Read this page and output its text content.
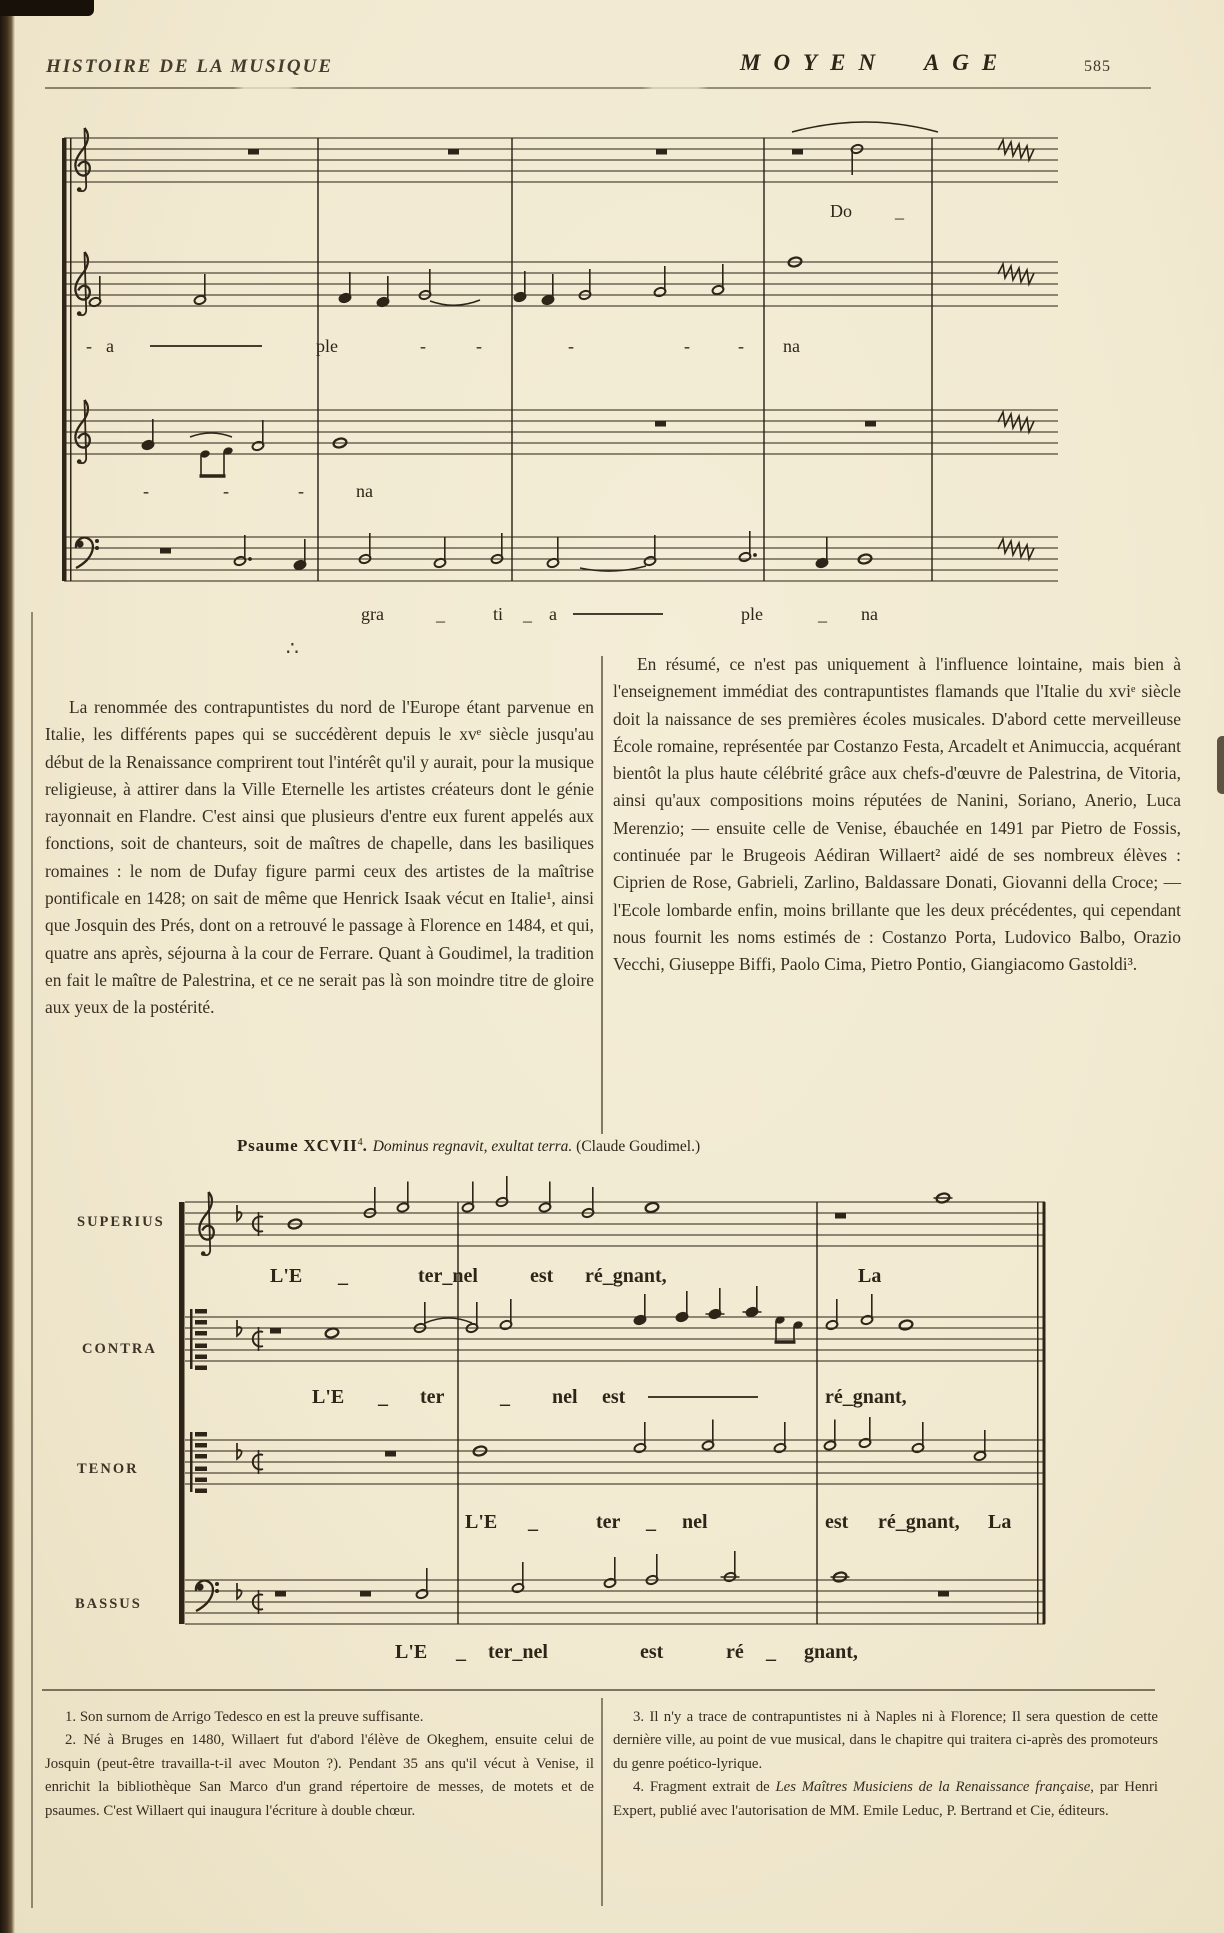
HISTOIRE DE LA MUSIQUE	MOYEN AGE	585
Do _
- a	ple	-	-	-	-	- na
-	-	-	na
gra	_	ti _ a	ple	_ na
∴

La renommée des contrapuntistes du nord de l'Europe étant parvenue en Italie, les différents papes qui se succédèrent depuis le xvᵉ siècle jusqu'au début de la Renaissance comprirent tout l'intérêt qu'il y aurait, pour la musique religieuse, à attirer dans la Ville Eternelle les artistes créateurs dont le génie rayonnait en Flandre. C'est ainsi que plusieurs d'entre eux furent appelés aux fonctions, soit de chanteurs, soit de maîtres de chapelle, dans les basiliques romaines : le nom de Dufay figure parmi ceux des artistes de la maîtrise pontificale en 1428; on sait de même que Henrick Isaak vécut en Italie¹, ainsi que Josquin des Prés, dont on a retrouvé le passage à Florence en 1484, et qui, quatre ans après, séjourna à la cour de Ferrare. Quant à Goudimel, la tradition en fait le maître de Palestrina, et ce ne serait pas là son moindre titre de gloire aux yeux de la postérité.

En résumé, ce n'est pas uniquement à l'influence lointaine, mais bien à l'enseignement immédiat des contrapuntistes flamands que l'Italie du xviᵉ siècle doit la naissance de ses premières écoles musicales. D'abord cette merveilleuse École romaine, représentée par Costanzo Festa, Arcadelt et Animuccia, acquérant bientôt la plus haute célébrité grâce aux chefs-d'œuvre de Palestrina, de Vitoria, ainsi qu'aux compositions moins réputées de Nanini, Soriano, Anerio, Luca Merenzio; — ensuite celle de Venise, ébauchée en 1491 par Pietro de Fossis, continuée par le Brugeois Aédiran Willaert² aidé de ses nombreux élèves : Ciprien de Rose, Gabrieli, Zarlino, Baldassare Donati, Giovanni della Croce; — l'Ecole lombarde enfin, moins brillante que les deux précédentes, qui cependant nous fournit les noms estimés de : Costanzo Porta, Ludovico Balbo, Orazio Vecchi, Giuseppe Biffi, Paolo Cima, Pietro Pontio, Giangiacomo Gastoldi³.

Psaume XCVII$^4$. Dominus regnavit, exultat terra. (Claude Goudimel.)
L'E _	ter_nel	est ré_gnant,	La
L'E _ ter	_ nel est	ré_gnant,
L'E _	ter _ nel	est ré_gnant, La
L'E _ ter_nel	est	ré _ gnant,
SUPERIUS
CONTRA
TENOR
BASSUS

1. Son surnom de Arrigo Tedesco en est la preuve suffisante.

2. Né à Bruges en 1480, Willaert fut d'abord l'élève de Okeghem, ensuite celui de Josquin (peut-être travailla-t-il avec Mouton ?). Pendant 35 ans qu'il vécut à Venise, il enrichit la bibliothèque San Marco d'un grand répertoire de messes, de motets et de psaumes. C'est Willaert qui inaugura l'écriture à double chœur.

3. Il n'y a trace de contrapuntistes ni à Naples ni à Florence; Il sera question de cette dernière ville, au point de vue musical, dans le chapitre qui traitera ci-après des promoteurs du genre poético-lyrique.

4. Fragment extrait de Les Maîtres Musiciens de la Renaissance française, par Henri Expert, publié avec l'autorisation de MM. Emile Leduc, P. Bertrand et Cie, éditeurs.
